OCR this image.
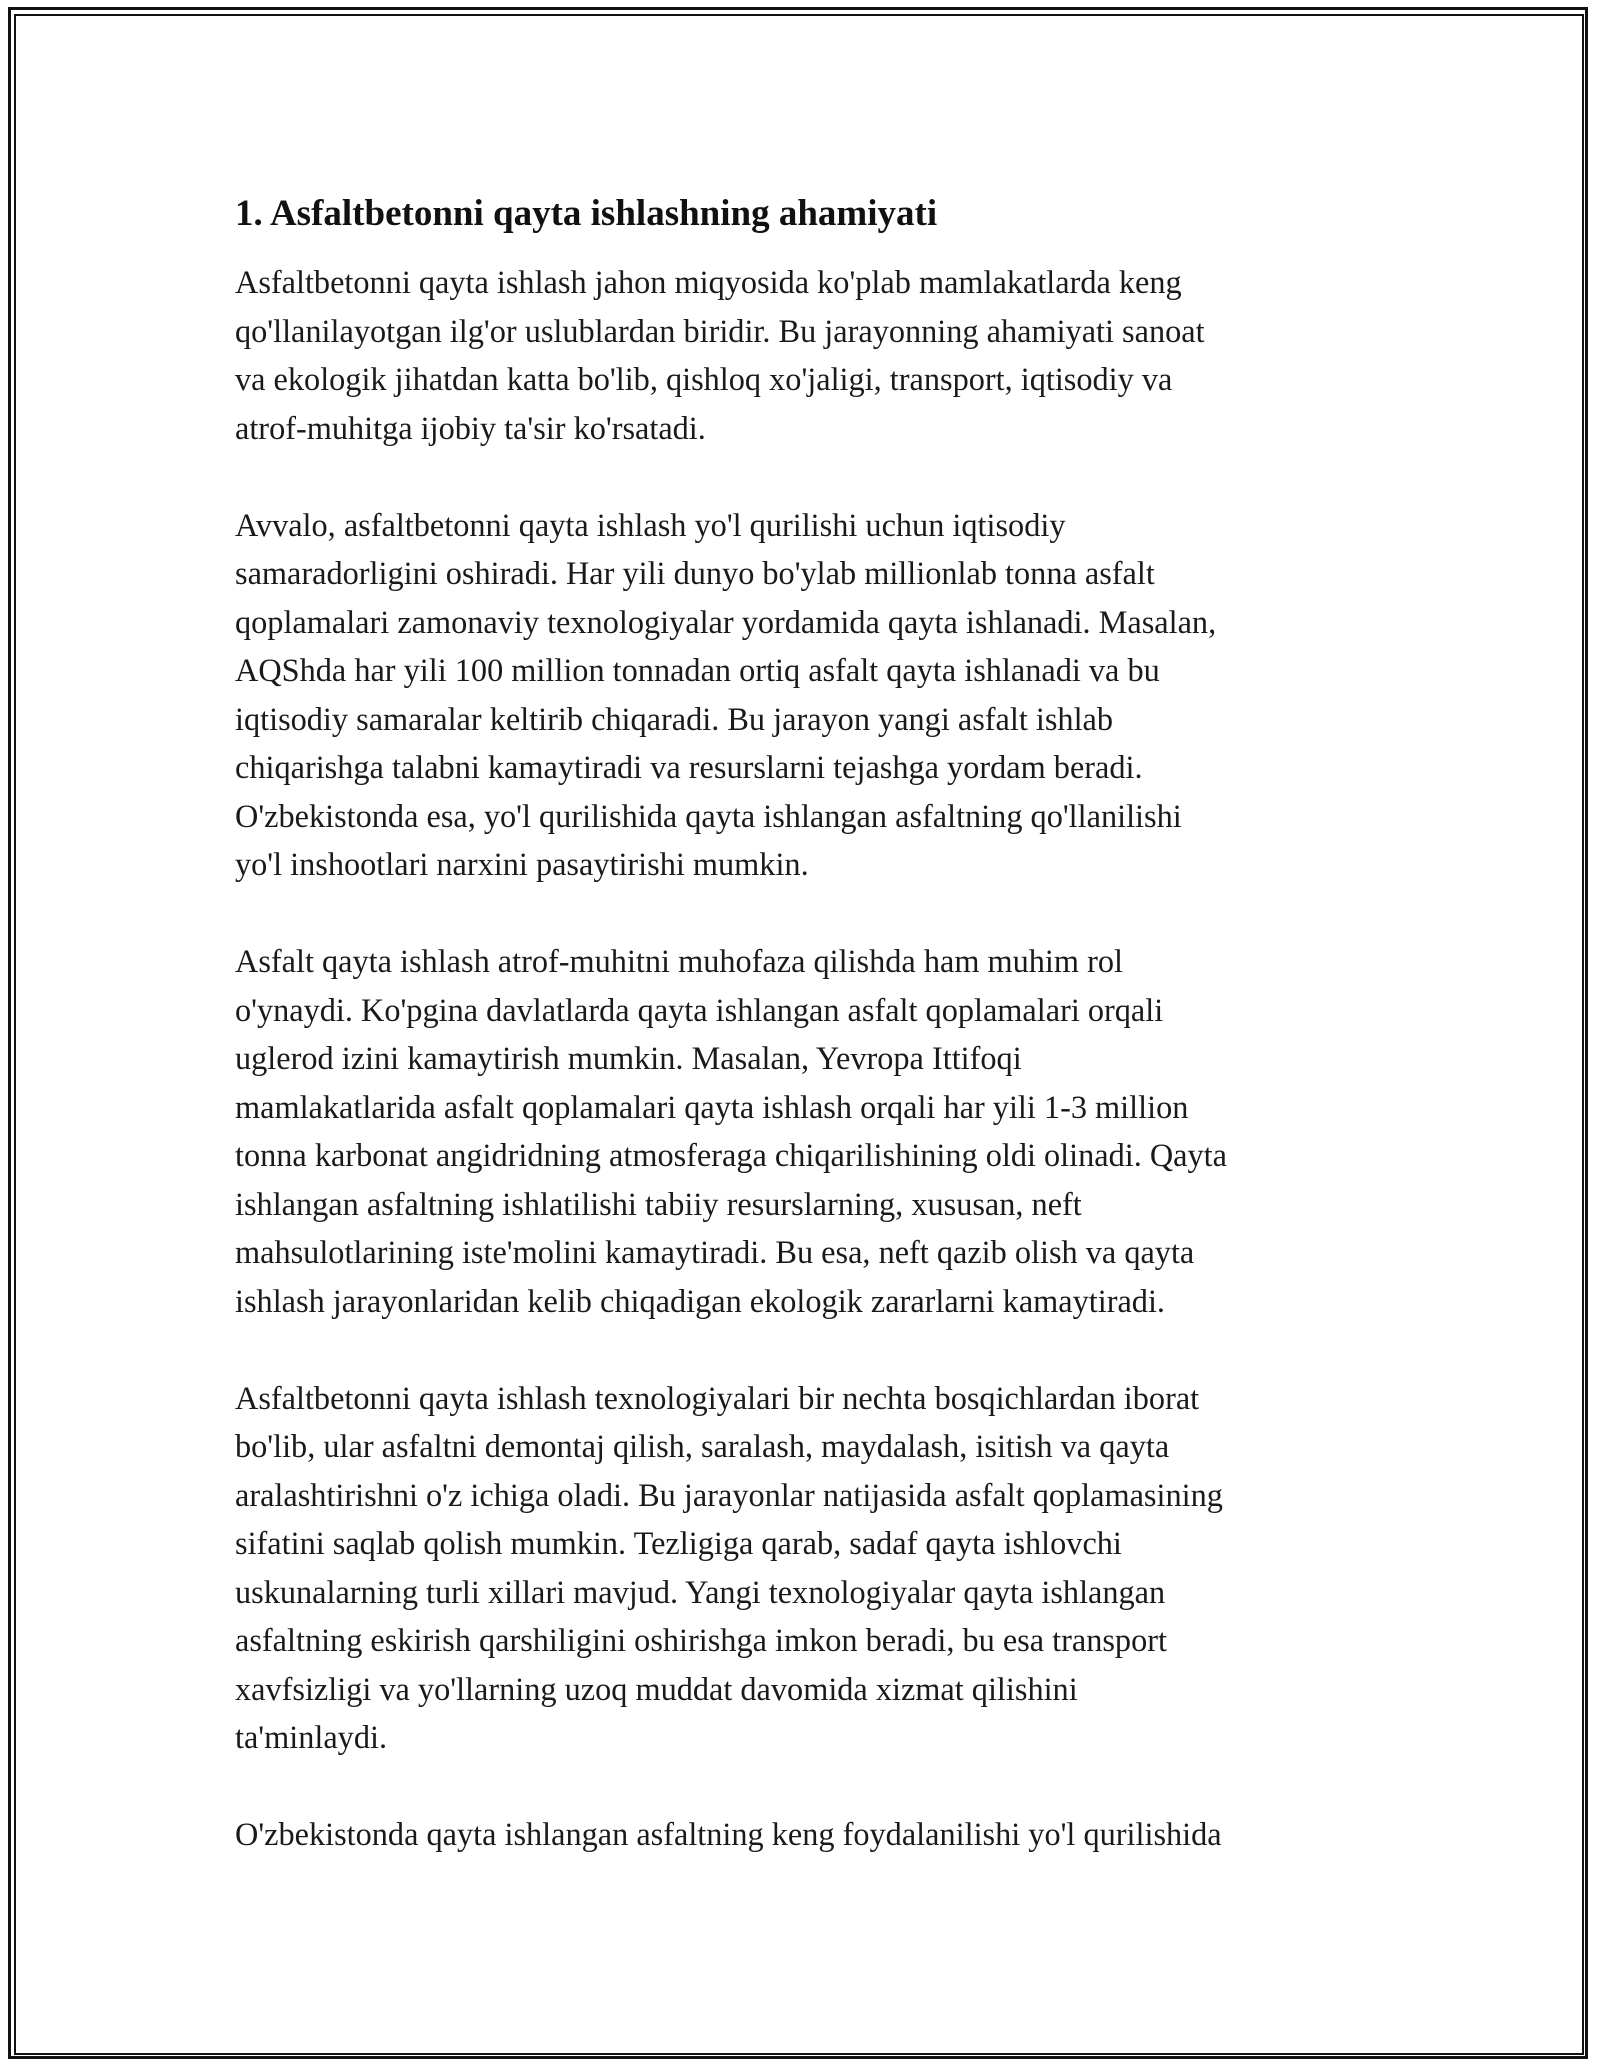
1. Asfaltbetonni qayta ishlashning ahamiyati

Asfaltbetonni qayta ishlash jahon miqyosida ko'plab mamlakatlarda keng
qo'llanilayotgan ilg'or uslublardan biridir. Bu jarayonning ahamiyati sanoat
va ekologik jihatdan katta bo'lib, qishloq xo'jaligi, transport, iqtisodiy va
atrof-muhitga ijobiy ta'sir ko'rsatadi.

Avvalo, asfaltbetonni qayta ishlash yo'l qurilishi uchun iqtisodiy
samaradorligini oshiradi. Har yili dunyo bo'ylab millionlab tonna asfalt
qoplamalari zamonaviy texnologiyalar yordamida qayta ishlanadi. Masalan,
AQShda har yili 100 million tonnadan ortiq asfalt qayta ishlanadi va bu
iqtisodiy samaralar keltirib chiqaradi. Bu jarayon yangi asfalt ishlab
chiqarishga talabni kamaytiradi va resurslarni tejashga yordam beradi.
O'zbekistonda esa, yo'l qurilishida qayta ishlangan asfaltning qo'llanilishi
yo'l inshootlari narxini pasaytirishi mumkin.

Asfalt qayta ishlash atrof-muhitni muhofaza qilishda ham muhim rol
o'ynaydi. Ko'pgina davlatlarda qayta ishlangan asfalt qoplamalari orqali
uglerod izini kamaytirish mumkin. Masalan, Yevropa Ittifoqi
mamlakatlarida asfalt qoplamalari qayta ishlash orqali har yili 1-3 million
tonna karbonat angidridning atmosferaga chiqarilishining oldi olinadi. Qayta
ishlangan asfaltning ishlatilishi tabiiy resurslarning, xususan, neft
mahsulotlarining iste'molini kamaytiradi. Bu esa, neft qazib olish va qayta
ishlash jarayonlaridan kelib chiqadigan ekologik zararlarni kamaytiradi.

Asfaltbetonni qayta ishlash texnologiyalari bir nechta bosqichlardan iborat
bo'lib, ular asfaltni demontaj qilish, saralash, maydalash, isitish va qayta
aralashtirishni o'z ichiga oladi. Bu jarayonlar natijasida asfalt qoplamasining
sifatini saqlab qolish mumkin. Tezligiga qarab, sadaf qayta ishlovchi
uskunalarning turli xillari mavjud. Yangi texnologiyalar qayta ishlangan
asfaltning eskirish qarshiligini oshirishga imkon beradi, bu esa transport
xavfsizligi va yo'llarning uzoq muddat davomida xizmat qilishini
ta'minlaydi.

O'zbekistonda qayta ishlangan asfaltning keng foydalanilishi yo'l qurilishida
